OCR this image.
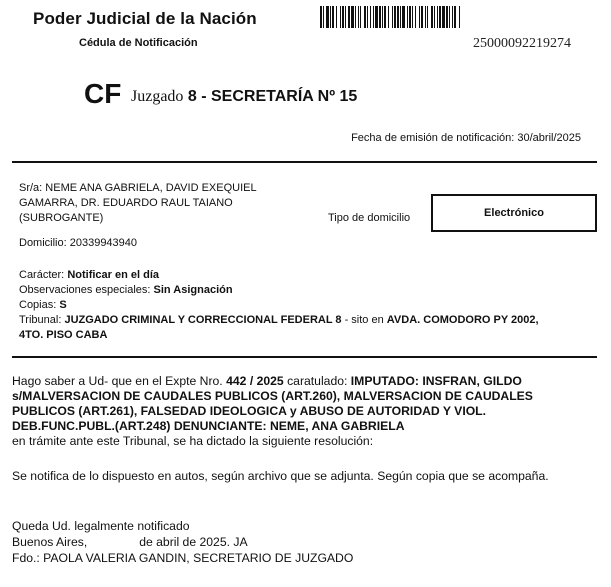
Poder Judicial de la Nación
Cédula de Notificación	25000092219274
CF Juzgado 8 - SECRETARÍA Nº 15
Fecha de emisión de notificación: 30/abril/2025
Sr/a: NEME ANA GABRIELA, DAVID EXEQUIEL
GAMARRA, DR. EDUARDO RAUL TAIANO
(SUBROGANTE)
Domicilio: 20339943940
Tipo de domicilio	Electrónico
Carácter: Notificar en el día
Observaciones especiales: Sin Asignación
Copias: S
Tribunal: JUZGADO CRIMINAL Y CORRECCIONAL FEDERAL 8 - sito en AVDA. COMODORO PY 2002,
4TO. PISO CABA
Hago saber a Ud- que en el Expte Nro. 442 / 2025 caratulado: IMPUTADO: INSFRAN, GILDO
s/MALVERSACION DE CAUDALES PUBLICOS (ART.260), MALVERSACION DE CAUDALES
PUBLICOS (ART.261), FALSEDAD IDEOLOGICA y ABUSO DE AUTORIDAD Y VIOL.
DEB.FUNC.PUBL.(ART.248) DENUNCIANTE: NEME, ANA GABRIELA
en trámite ante este Tribunal, se ha dictado la siguiente resolución:
Se notifica de lo dispuesto en autos, según archivo que se adjunta. Según copia que se acompaña.
Queda Ud. legalmente notificado
Buenos Aires,	de abril de 2025. JA
Fdo.: PAOLA VALERIA GANDIN, SECRETARIO DE JUZGADO
